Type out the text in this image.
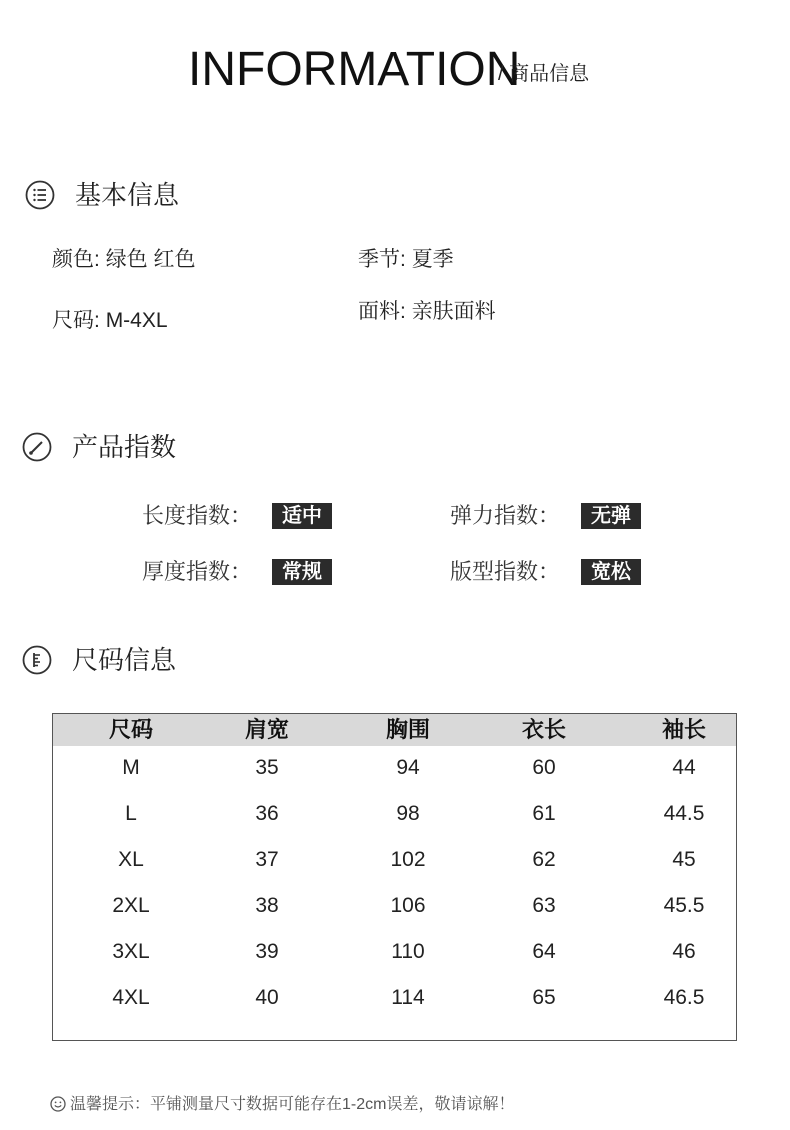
INFORMATION
/ 商品信息
基本信息
颜色: 绿色 红色	季节: 夏季
尺码: M-4XL	面料: 亲肤面料
产品指数
长度指数：	适中	弹力指数：	无弹
厚度指数：	常规	版型指数：	宽松
尺码信息
尺码	肩宽	胸围	衣长	袖长
M	35	94	60	44
L	36	98	61	44.5
XL	37	102	62	45
2XL	38	106	63	45.5
3XL	39	110	64	46
4XL	40	114	65	46.5
温馨提示：平铺测量尺寸数据可能存在1-2cm误差，敬请谅解！
